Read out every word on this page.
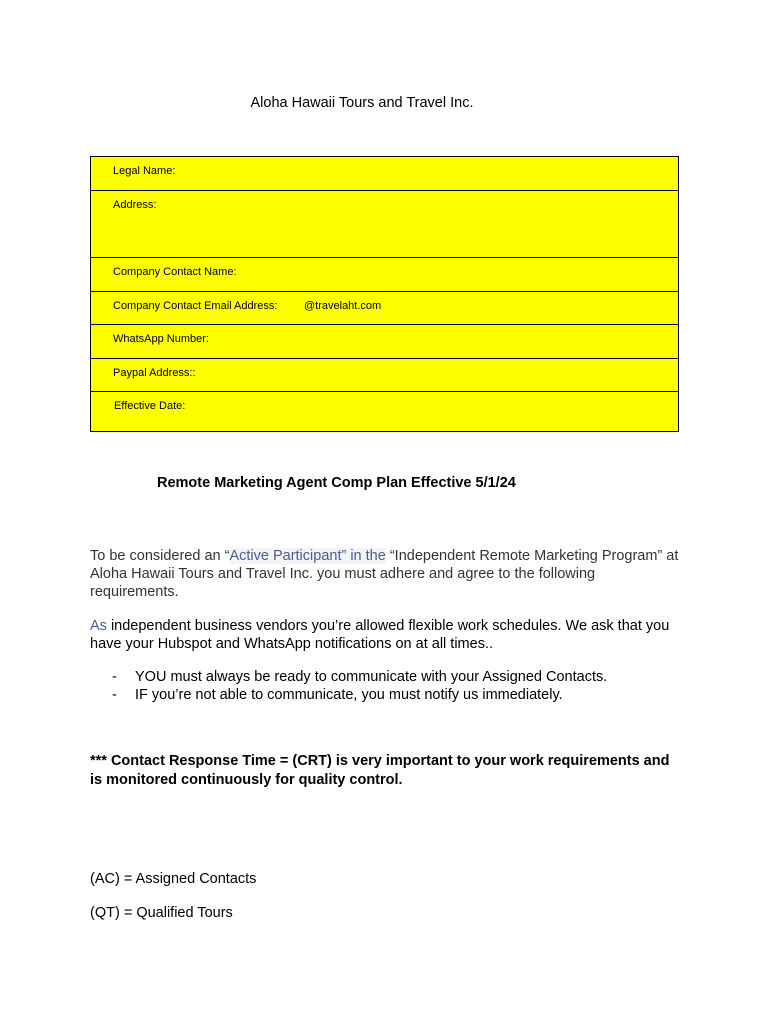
Aloha Hawaii Tours and Travel Inc.
Legal Name:
Address:
Company Contact Name:
Company Contact Email Address: @travelaht.com
WhatsApp Number:
Paypal Address::
Effective Date:
Remote Marketing Agent Comp Plan Effective 5/1/24
To be considered an “Active Participant” in the “Independent Remote Marketing Program” at Aloha Hawaii Tours and Travel Inc. you must adhere and agree to the following requirements.
As independent business vendors you’re allowed flexible work schedules. We ask that you have your Hubspot and WhatsApp notifications on at all times..
- YOU must always be ready to communicate with your Assigned Contacts.
- IF you’re not able to communicate, you must notify us immediately.
*** Contact Response Time = (CRT) is very important to your work requirements and is monitored continuously for quality control.
(AC) = Assigned Contacts
(QT) = Qualified Tours
